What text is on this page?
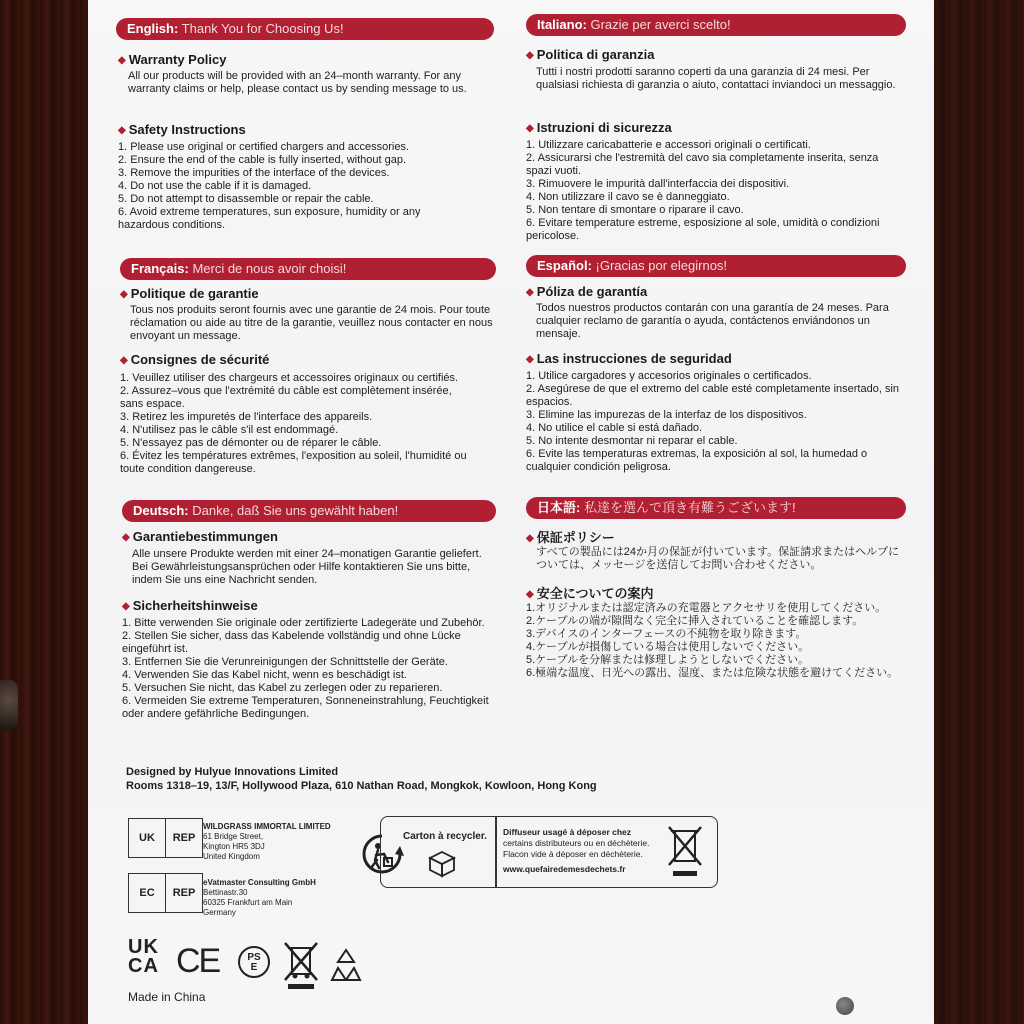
English: Thank You for Choosing Us!
◆ Warranty Policy
All our products will be provided with an 24–month warranty. For any warranty claims or help, please contact us by sending message to us.
◆ Safety Instructions
1. Please use original or certified chargers and accessories.
2. Ensure the end of the cable is fully inserted, without gap.
3. Remove the impurities of the interface of the devices.
4. Do not use the cable if it is damaged.
5. Do not attempt to disassemble or repair the cable.
6. Avoid extreme temperatures, sun exposure, humidity or any hazardous conditions.
Italiano: Grazie per averci scelto!
◆ Politica di garanzia
Tutti i nostri prodotti saranno coperti da una garanzia di 24 mesi. Per qualsiasi richiesta di garanzia o aiuto, contattaci inviandoci un messaggio.
◆ Istruzioni di sicurezza
1. Utilizzare caricabatterie e accessori originali o certificati.
2. Assicurarsi che l'estremità del cavo sia completamente inserita, senza spazi vuoti.
3. Rimuovere le impurità dall'interfaccia dei dispositivi.
4. Non utilizzare il cavo se è danneggiato.
5. Non tentare di smontare o riparare il cavo.
6. Evitare temperature estreme, esposizione al sole, umidità o condizioni pericolose.
Français: Merci de nous avoir choisi!
◆ Politique de garantie
Tous nos produits seront fournis avec une garantie de 24 mois. Pour toute réclamation ou aide au titre de la garantie, veuillez nous contacter en nous envoyant un message.
◆ Consignes de sécurité
1. Veuillez utiliser des chargeurs et accessoires originaux ou certifiés.
2. Assurez–vous que l'extrémité du câble est complètement insérée, sans espace.
3. Retirez les impuretés de l'interface des appareils.
4. N'utilisez pas le câble s'il est endommagé.
5. N'essayez pas de démonter ou de réparer le câble.
6. Évitez les températures extrêmes, l'exposition au soleil, l'humidité ou toute condition dangereuse.
Español: ¡Gracias por elegirnos!
◆ Póliza de garantía
Todos nuestros productos contarán con una garantía de 24 meses. Para cualquier reclamo de garantía o ayuda, contáctenos enviándonos un mensaje.
◆ Las instrucciones de seguridad
1. Utilice cargadores y accesorios originales o certificados.
2. Asegúrese de que el extremo del cable esté completamente insertado, sin espacios.
3. Elimine las impurezas de la interfaz de los dispositivos.
4. No utilice el cable si está dañado.
5. No intente desmontar ni reparar el cable.
6. Evite las temperaturas extremas, la exposición al sol, la humedad o cualquier condición peligrosa.
Deutsch: Danke, daß Sie uns gewählt haben!
◆ Garantiebestimmungen
Alle unsere Produkte werden mit einer 24–monatigen Garantie geliefert. Bei Gewährleistungsansprüchen oder Hilfe kontaktieren Sie uns bitte, indem Sie uns eine Nachricht senden.
◆ Sicherheitshinweise
1. Bitte verwenden Sie originale oder zertifizierte Ladegeräte und Zubehör.
2. Stellen Sie sicher, dass das Kabelende vollständig und ohne Lücke eingeführt ist.
3. Entfernen Sie die Verunreinigungen der Schnittstelle der Geräte.
4. Verwenden Sie das Kabel nicht, wenn es beschädigt ist.
5. Versuchen Sie nicht, das Kabel zu zerlegen oder zu reparieren.
6. Vermeiden Sie extreme Temperaturen, Sonneneinstrahlung, Feuchtigkeit oder andere gefährliche Bedingungen.
日本語: 私達を選んで頂き有難うございます!
◆ 保証ポリシー
すべての製品には24か月の保証が付いています。保証請求またはヘルプについては、メッセージを送信してお問い合わせください。
◆ 安全についての案内
1.オリジナルまたは認定済みの充電器とアクセサリを使用してください。
2.ケーブルの端が隙間なく完全に挿入されていることを確認します。
3.デバイスのインターフェースの不純物を取り除きます。
4.ケーブルが損傷している場合は使用しないでください。
5.ケーブルを分解または修理しようとしないでください。
6.極端な温度、日光への露出、湿度、または危険な状態を避けてください。
Designed by Hulyue Innovations Limited
Rooms 1318–19, 13/F, Hollywood Plaza, 610 Nathan Road, Mongkok, Kowloon, Hong Kong
UK	REP
WILDGRASS IMMORTAL LIMITED
61 Bridge Street,
Kington HR5 3DJ
United Kingdom
EC	REP
eVatmaster Consulting GmbH
Bettinastr.30
60325 Frankfurt am Main
Germany
Carton à recycler. Diffuseur usagé à déposer chez
certains distributeurs ou en déchèterie.
Flacon vide à déposer en déchèterie.
www.quefairedemesdechets.fr
UK
CA CE	PS
E
Made in China
